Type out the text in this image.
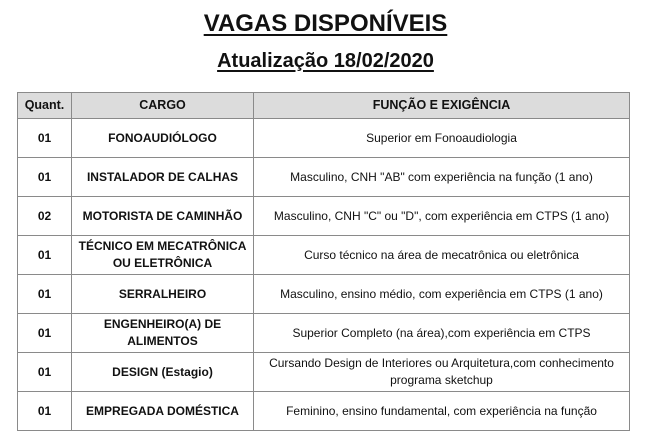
VAGAS DISPONÍVEIS
Atualização 18/02/2020
Quant.	CARGO	FUNÇÃO E EXIGÊNCIA
01	FONOAUDIÓLOGO	Superior em Fonoaudiologia
01	INSTALADOR DE CALHAS	Masculino, CNH "AB" com experiência na função (1 ano)
02	MOTORISTA DE CAMINHÃO	Masculino, CNH "C" ou "D", com experiência em CTPS (1 ano)
01	TÉCNICO EM MECATRÔNICA OU ELETRÔNICA	Curso técnico na área de mecatrônica ou eletrônica
01	SERRALHEIRO	Masculino, ensino médio, com experiência em CTPS (1 ano)
01	ENGENHEIRO(A) DE ALIMENTOS	Superior Completo (na área),com experiência em CTPS
01	DESIGN (Estagio)	Cursando Design de Interiores ou Arquitetura,com conhecimento programa sketchup
01	EMPREGADA DOMÉSTICA	Feminino, ensino fundamental, com experiência na função
